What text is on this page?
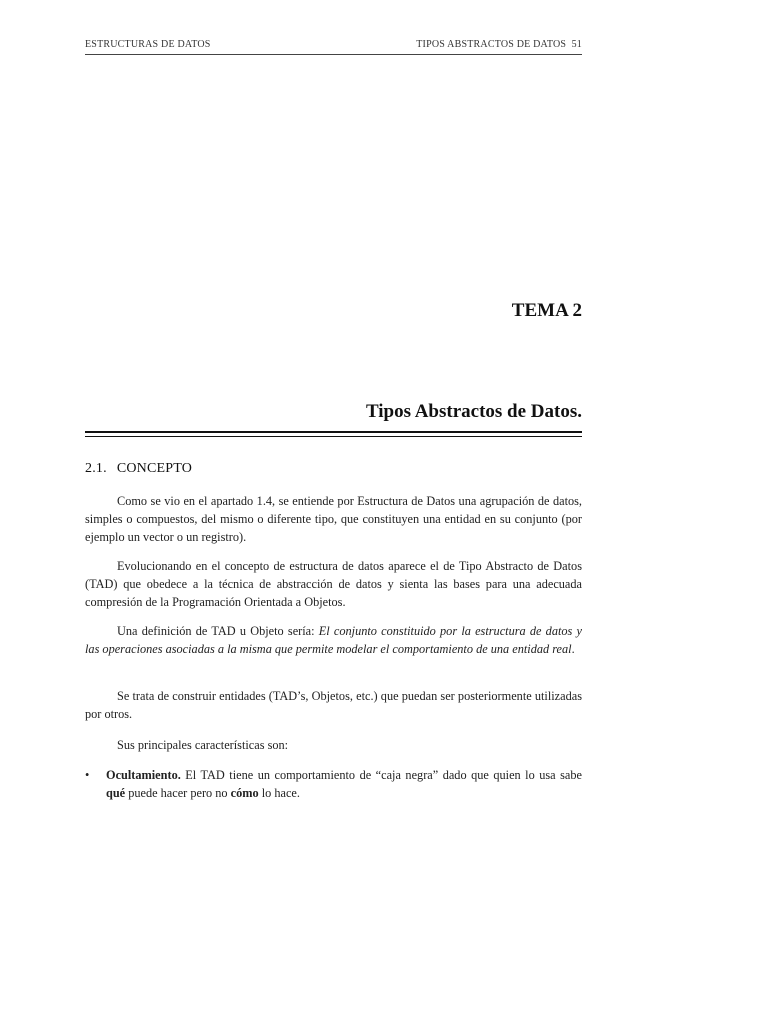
ESTRUCTURAS DE DATOS	TIPOS ABSTRACTOS DE DATOS 51
TEMA 2
Tipos Abstractos de Datos.
2.1. CONCEPTO

Como se vio en el apartado 1.4, se entiende por Estructura de Datos una agrupación de datos, simples o compuestos, del mismo o diferente tipo, que constituyen una entidad en su conjunto (por ejemplo un vector o un registro).

Evolucionando en el concepto de estructura de datos aparece el de Tipo Abstracto de Datos (TAD) que obedece a la técnica de abstracción de datos y sienta las bases para una adecuada compresión de la Programación Orientada a Objetos.

Una definición de TAD u Objeto sería: El conjunto constituido por la estructura de datos y las operaciones asociadas a la misma que permite modelar el comportamiento de una entidad real.

Se trata de construir entidades (TAD’s, Objetos, etc.) que puedan ser posteriormente utilizadas por otros.

Sus principales características son:

•	Ocultamiento. El TAD tiene un comportamiento de “caja negra” dado que quien lo usa sabe qué puede hacer pero no cómo lo hace.
